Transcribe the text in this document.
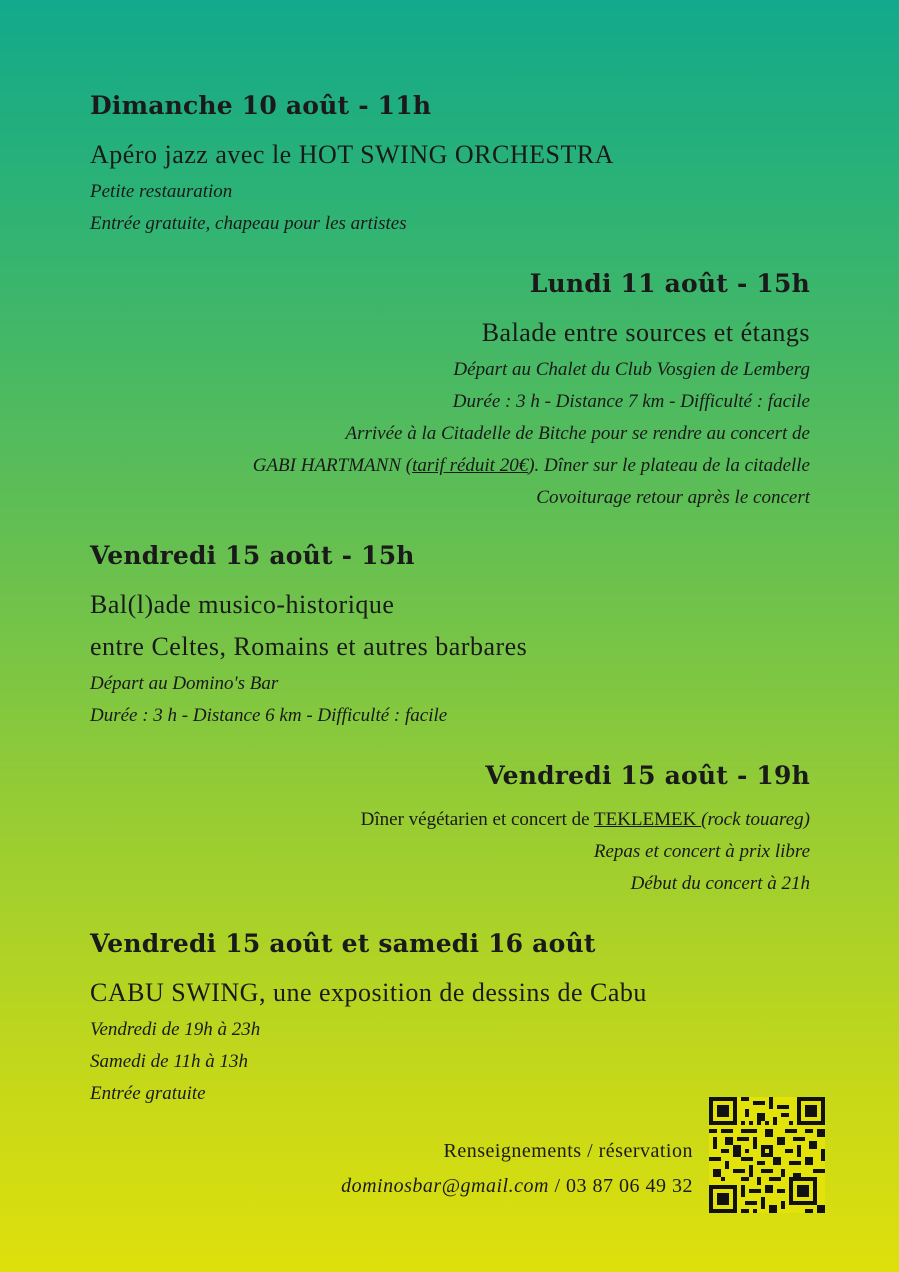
Dimanche 10 août - 11h
Apéro jazz avec le HOT SWING ORCHESTRA
Petite restauration
Entrée gratuite, chapeau pour les artistes
Lundi 11 août - 15h
Balade entre sources et étangs
Départ au Chalet du Club Vosgien de Lemberg
Durée : 3 h - Distance 7 km - Difficulté : facile
Arrivée à la Citadelle de Bitche pour se rendre au concert de
GABI HARTMANN (tarif réduit 20€). Dîner sur le plateau de la citadelle
Covoiturage retour après le concert
Vendredi 15 août - 15h
Bal(l)ade musico-historique
entre Celtes, Romains et autres barbares
Départ au Domino's Bar
Durée : 3 h - Distance 6 km - Difficulté : facile
Vendredi 15 août - 19h
Dîner végétarien et concert de TEKLEMEK (rock touareg)
Repas et concert à prix libre
Début du concert à 21h
Vendredi 15 août et samedi 16 août
CABU SWING, une exposition de dessins de Cabu
Vendredi de 19h à 23h
Samedi de 11h à 13h
Entrée gratuite
Renseignements / réservation
dominosbar@gmail.com / 03 87 06 49 32
